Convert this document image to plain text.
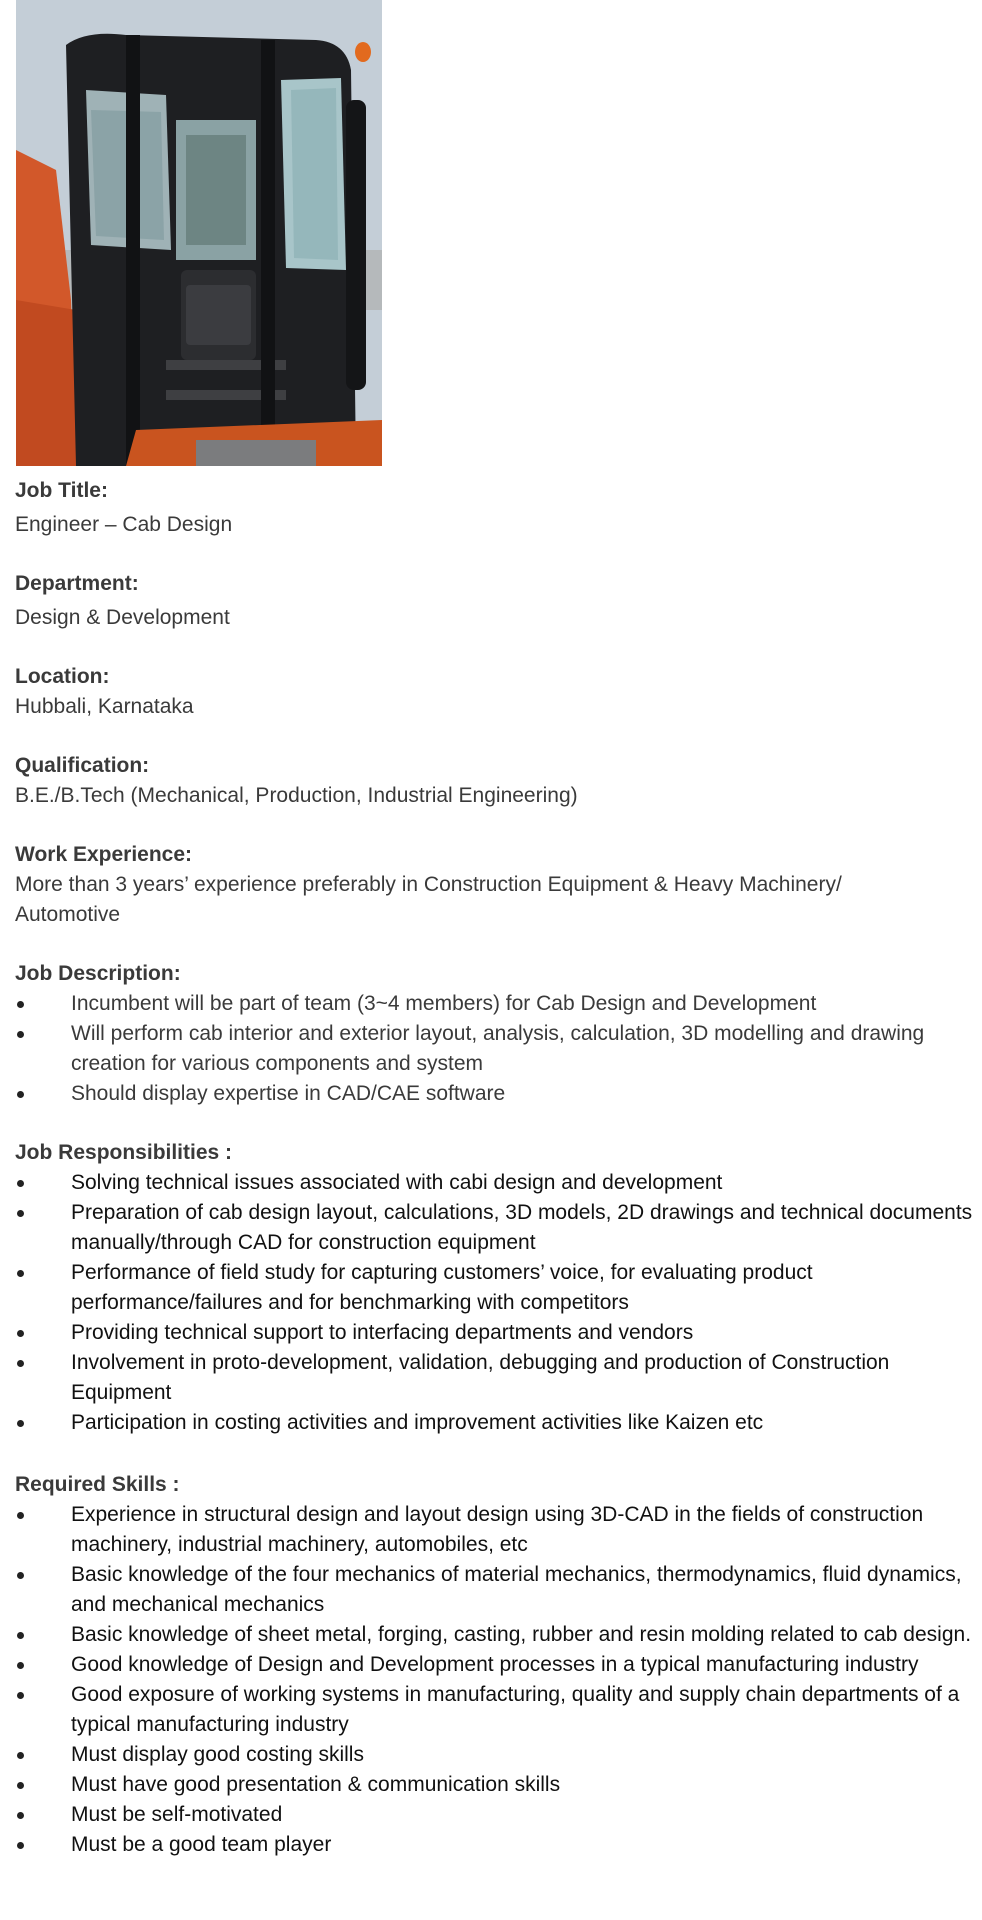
Job Title:

Engineer – Cab Design

Department:

Design & Development

Location:

Hubbali, Karnataka

Qualification:

B.E./B.Tech (Mechanical, Production, Industrial Engineering)

Work Experience:

More than 3 years’ experience preferably in Construction Equipment & Heavy Machinery/ Automotive

Job Description:

Incumbent will be part of team (3~4 members) for Cab Design and Development
Will perform cab interior and exterior layout, analysis, calculation, 3D modelling and drawing creation for various components and system
Should display expertise in CAD/CAE software

Job Responsibilities :

Solving technical issues associated with cabi design and development
Preparation of cab design layout, calculations, 3D models, 2D drawings and technical documents manually/through CAD for construction equipment
Performance of field study for capturing customers’ voice, for evaluating product performance/failures and for benchmarking with competitors
Providing technical support to interfacing departments and vendors
Involvement in proto-development, validation, debugging and production of Construction Equipment
Participation in costing activities and improvement activities like Kaizen etc

Required Skills :

Experience in structural design and layout design using 3D-CAD in the fields of construction machinery, industrial machinery, automobiles, etc
Basic knowledge of the four mechanics of material mechanics, thermodynamics, fluid dynamics, and mechanical mechanics
Basic knowledge of sheet metal, forging, casting, rubber and resin molding related to cab design.
Good knowledge of Design and Development processes in a typical manufacturing industry
Good exposure of working systems in manufacturing, quality and supply chain departments of a typical manufacturing industry
Must display good costing skills
Must have good presentation & communication skills
Must be self-motivated
Must be a good team player
